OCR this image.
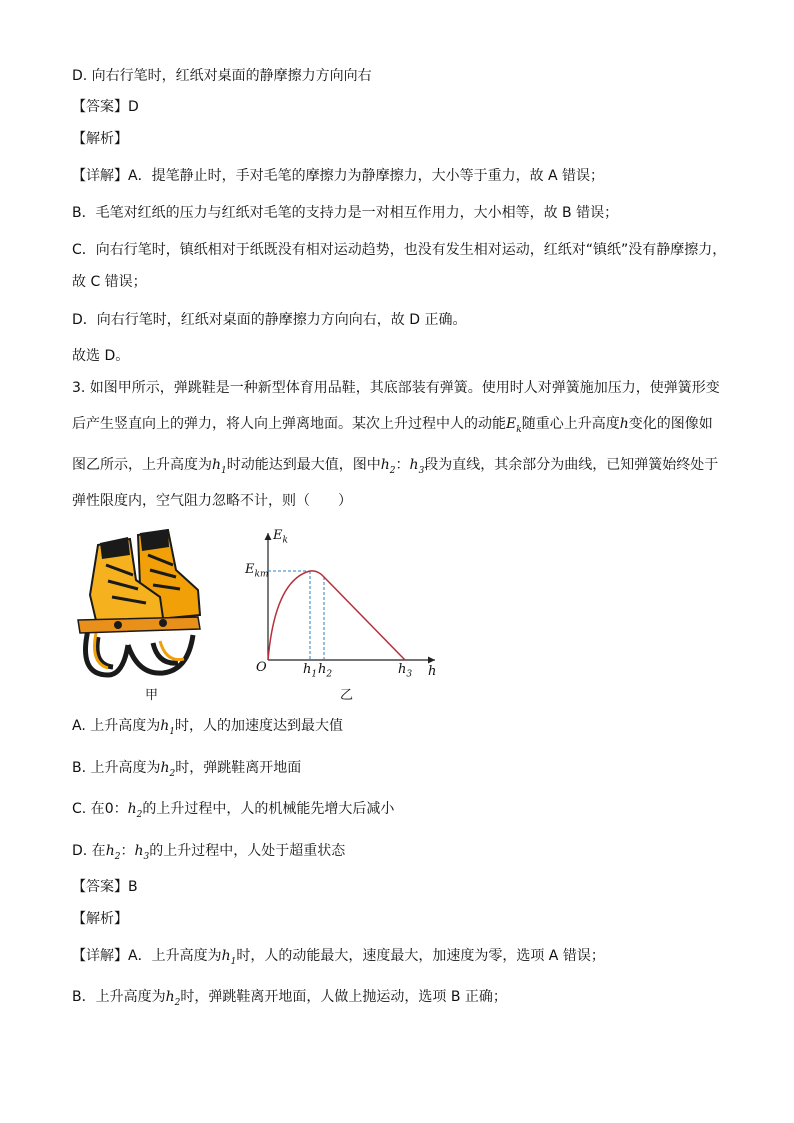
D. 向右行笔时，红纸对桌面的静摩擦力方向向右
【答案】D
【解析】
【详解】A．提笔静止时，手对毛笔的摩擦力为静摩擦力，大小等于重力，故 A 错误；
B．毛笔对红纸的压力与红纸对毛笔的支持力是一对相互作用力，大小相等，故 B 错误；
C．向右行笔时，镇纸相对于纸既没有相对运动趋势，也没有发生相对运动，红纸对“镇纸”没有静摩擦力，
故 C 错误；
D．向右行笔时，红纸对桌面的静摩擦力方向向右，故 D 正确。
故选 D。
3. 如图甲所示，弹跳鞋是一种新型体育用品鞋，其底部装有弹簧。使用时人对弹簧施加压力，使弹簧形变
后产生竖直向上的弹力，将人向上弹离地面。某次上升过程中人的动能$E_k$随重心上升高度h变化的图像如
图乙所示，上升高度为$h_1$时动能达到最大值，图中$h_2$：$h_3$段为直线，其余部分为曲线，已知弹簧始终处于
弹性限度内，空气阻力忽略不计，则（　　）
甲
$E_k$
$E_{km}$
O	$h_1$ $h_2$	$h_3$ h
乙
A. 上升高度为$h_1$时，人的加速度达到最大值
B. 上升高度为$h_2$时，弹跳鞋离开地面
C. 在0：$h_2$的上升过程中，人的机械能先增大后减小
D. 在$h_2$：$h_3$的上升过程中，人处于超重状态
【答案】B
【解析】
【详解】A．上升高度为$h_1$时，人的动能最大，速度最大，加速度为零，选项 A 错误；
B．上升高度为$h_2$时，弹跳鞋离开地面，人做上抛运动，选项 B 正确；
